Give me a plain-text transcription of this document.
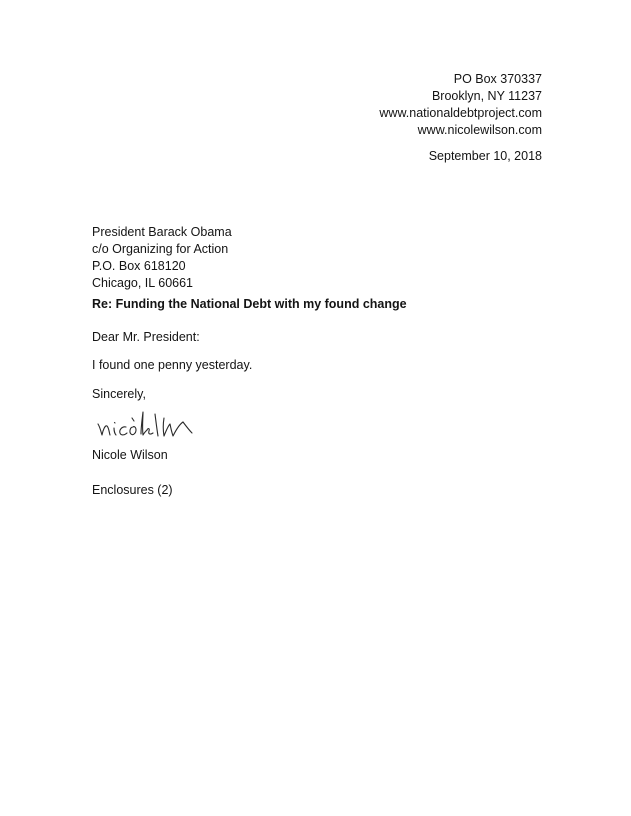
PO Box 370337
Brooklyn, NY 11237
www.nationaldebtproject.com
www.nicolewilson.com
September 10, 2018
President Barack Obama
c/o Organizing for Action
P.O. Box 618120
Chicago, IL 60661
Re: Funding the National Debt with my found change
Dear Mr. President:
I found one penny yesterday.
Sincerely,
Nicole Wilson
Enclosures (2)
